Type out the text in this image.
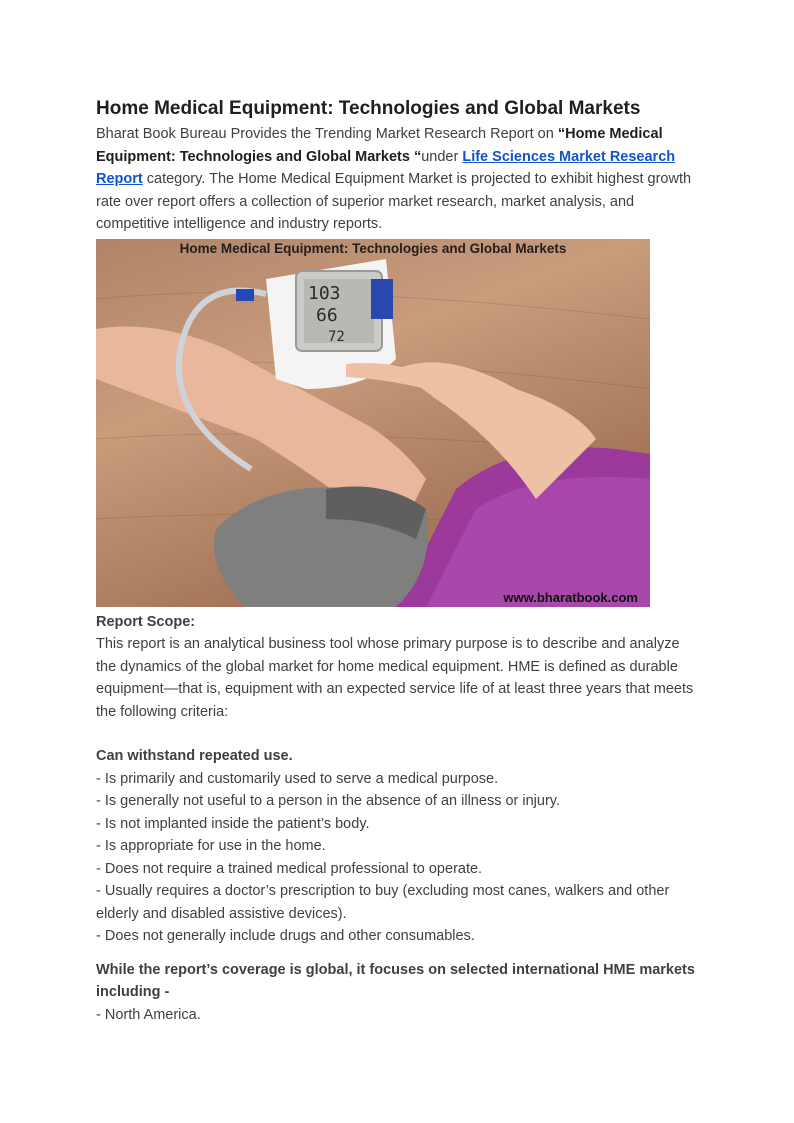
Home Medical Equipment: Technologies and Global Markets

Bharat Book Bureau Provides the Trending Market Research Report on “Home Medical Equipment: Technologies and Global Markets “under Life Sciences Market Research Report category. The Home Medical Equipment Market is projected to exhibit highest growth rate over report offers a collection of superior market research, market analysis, and competitive intelligence and industry reports.

Home Medical Equipment: Technologies and Global Markets
www.bharatbook.com
103
66
72

Report Scope:

This report is an analytical business tool whose primary purpose is to describe and analyze the dynamics of the global market for home medical equipment. HME is defined as durable equipment—that is, equipment with an expected service life of at least three years that meets the following criteria:

Can withstand repeated use.

- Is primarily and customarily used to serve a medical purpose.

- Is generally not useful to a person in the absence of an illness or injury.

- Is not implanted inside the patient’s body.

- Is appropriate for use in the home.

- Does not require a trained medical professional to operate.

- Usually requires a doctor’s prescription to buy (excluding most canes, walkers and other elderly and disabled assistive devices).

- Does not generally include drugs and other consumables.

While the report’s coverage is global, it focuses on selected international HME markets including -

- North America.
